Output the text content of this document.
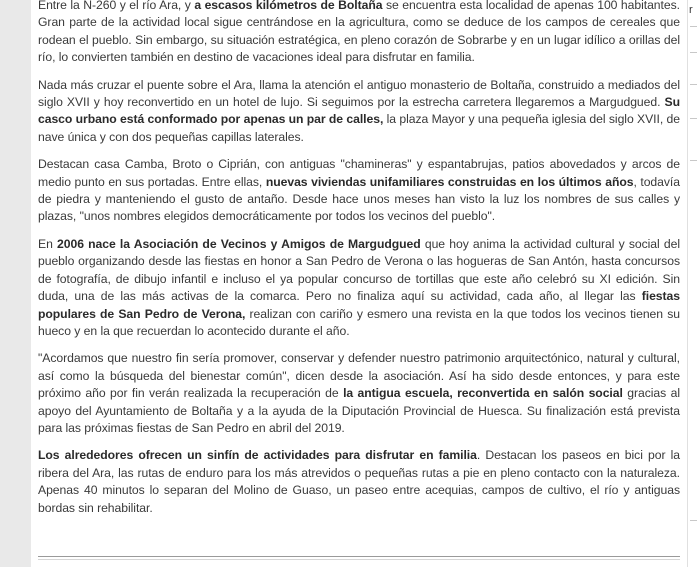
Entre la N-260 y el río Ara, y a escasos kilómetros de Boltaña se encuentra esta localidad de apenas 100 habitantes. Gran parte de la actividad local sigue centrándose en la agricultura, como se deduce de los campos de cereales que rodean el pueblo. Sin embargo, su situación estratégica, en pleno corazón de Sobrarbe y en un lugar idílico a orillas del río, lo convierten también en destino de vacaciones ideal para disfrutar en familia.

Nada más cruzar el puente sobre el Ara, llama la atención el antiguo monasterio de Boltaña, construido a mediados del siglo XVII y hoy reconvertido en un hotel de lujo. Si seguimos por la estrecha carretera llegaremos a Margudgued. Su casco urbano está conformado por apenas un par de calles, la plaza Mayor y una pequeña iglesia del siglo XVII, de nave única y con dos pequeñas capillas laterales.

Destacan casa Camba, Broto o Ciprián, con antiguas "chamineras" y espantabrujas, patios abovedados y arcos de medio punto en sus portadas. Entre ellas, nuevas viviendas unifamiliares construidas en los últimos años, todavía de piedra y manteniendo el gusto de antaño. Desde hace unos meses han visto la luz los nombres de sus calles y plazas, "unos nombres elegidos democráticamente por todos los vecinos del pueblo".

En 2006 nace la Asociación de Vecinos y Amigos de Margudgued que hoy anima la actividad cultural y social del pueblo organizando desde las fiestas en honor a San Pedro de Verona o las hogueras de San Antón, hasta concursos de fotografía, de dibujo infantil e incluso el ya popular concurso de tortillas que este año celebró su XI edición. Sin duda, una de las más activas de la comarca. Pero no finaliza aquí su actividad, cada año, al llegar las fiestas populares de San Pedro de Verona, realizan con cariño y esmero una revista en la que todos los vecinos tienen su hueco y en la que recuerdan lo acontecido durante el año.

"Acordamos que nuestro fin sería promover, conservar y defender nuestro patrimonio arquitectónico, natural y cultural, así como la búsqueda del bienestar común", dicen desde la asociación. Así ha sido desde entonces, y para este próximo año por fin verán realizada la recuperación de la antigua escuela, reconvertida en salón social gracias al apoyo del Ayuntamiento de Boltaña y a la ayuda de la Diputación Provincial de Huesca. Su finalización está prevista para las próximas fiestas de San Pedro en abril del 2019.

Los alrededores ofrecen un sinfín de actividades para disfrutar en familia. Destacan los paseos en bici por la ribera del Ara, las rutas de enduro para los más atrevidos o pequeñas rutas a pie en pleno contacto con la naturaleza. Apenas 40 minutos lo separan del Molino de Guaso, un paseo entre acequias, campos de cultivo, el río y antiguas bordas sin rehabilitar.

r
